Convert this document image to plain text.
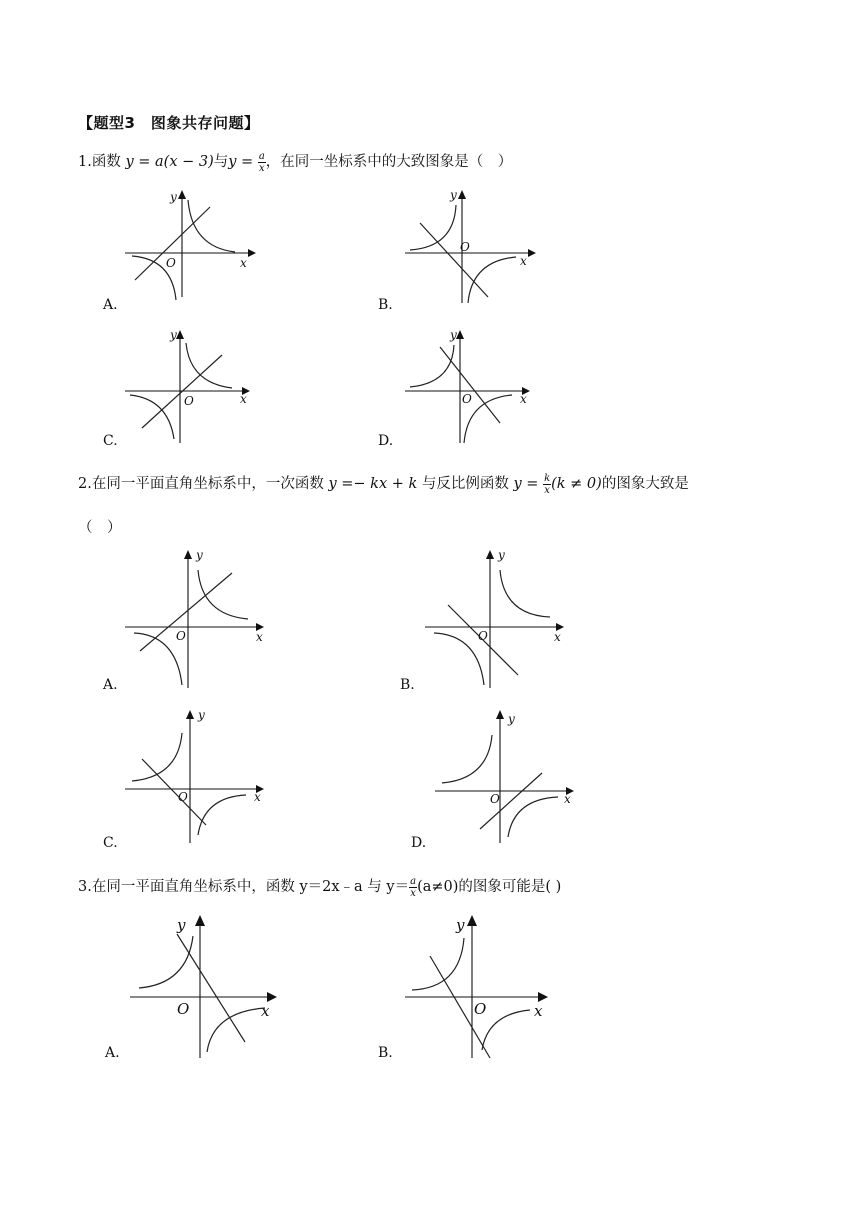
【题型3　图象共存问题】
1.函数 y = a(x − 3)与$y = \frac{a}{x}$ ，在同一坐标系中的大致图象是（　）
x
y
O
A.
x
y
O
B.
x
y
O
C.
x
y
O
D.
2.在同一平面直角坐标系中，一次函数 y =− kx + k 与反比例函数 $y = \frac{k}{x} (k \ne 0)$的图象大致是
（　）
x
y
O
A.
x
y
O
B.
x
y
O
C.
x
y
O
D.
3.在同一平面直角坐标系中，函数 y＝2x﹣a 与 $y= \frac{a}{x} (a\ne 0)$的图象可能是( )
x
y
O
A.
x
y
O
B.
